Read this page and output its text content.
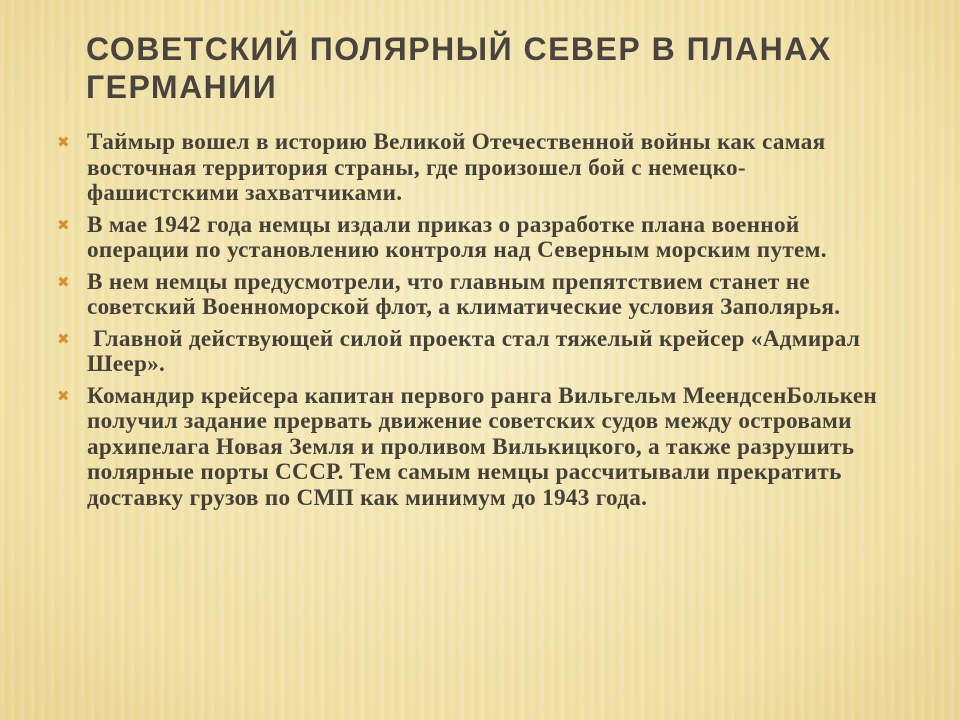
СОВЕТСКИЙ ПОЛЯРНЫЙ СЕВЕР В ПЛАНАХ ГЕРМАНИИ
✖ Таймыр вошел в историю Великой Отечественной войны как самая восточная территория страны, где произошел бой с немецко-фашистскими захватчиками.
✖ В мае 1942 года немцы издали приказ о разработке плана военной операции по установлению контроля над Северным морским путем.
✖ В нем немцы предусмотрели, что главным препятствием станет не советский Военноморской флот, а климатические условия Заполярья.
✖ Главной действующей силой проекта стал тяжелый крейсер «Адмирал Шеер».
✖ Командир крейсера капитан первого ранга Вильгельм МеендсенБолькен получил задание прервать движение советских судов между островами архипелага Новая Земля и проливом Вилькицкого, а также разрушить полярные порты СССР. Тем самым немцы рассчитывали прекратить доставку грузов по СМП как минимум до 1943 года.
